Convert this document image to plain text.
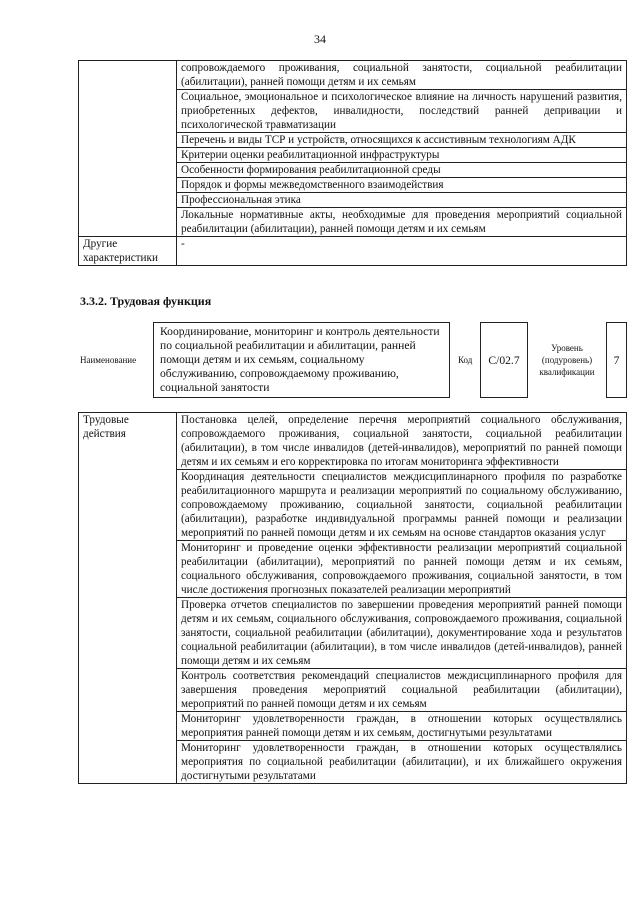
34
	сопровождаемого проживания, социальной занятости, социальной реабилитации (абилитации), ранней помощи детям и их семьям
	Социальное, эмоциональное и психологическое влияние на личность нарушений развития, приобретенных дефектов, инвалидности, последствий ранней депривации и психологической травматизации
	Перечень и виды ТСР и устройств, относящихся к ассистивным технологиям АДК
	Критерии оценки реабилитационной инфраструктуры
	Особенности формирования реабилитационной среды
	Порядок и формы межведомственного взаимодействия
	Профессиональная этика
	Локальные нормативные акты, необходимые для проведения мероприятий социальной реабилитации (абилитации), ранней помощи детям и их семьям
Другие характеристики	-
3.3.2. Трудовая функция
Наименование
Координирование, мониторинг и контроль деятельности по социальной реабилитации и абилитации, ранней помощи детям и их семьям, социальному обслуживанию, сопровождаемому проживанию, социальной занятости
Код	C/02.7
Уровень (подуровень) квалификации
7
Трудовые действия	Постановка целей, определение перечня мероприятий социального обслуживания, сопровождаемого проживания, социальной занятости, социальной реабилитации (абилитации), в том числе инвалидов (детей-инвалидов), мероприятий по ранней помощи детям и их семьям и его корректировка по итогам мониторинга эффективности
Координация деятельности специалистов междисциплинарного профиля по разработке реабилитационного маршрута и реализации мероприятий по социальному обслуживанию, сопровождаемому проживанию, социальной занятости, социальной реабилитации (абилитации), разработке индивидуальной программы ранней помощи и реализации мероприятий по ранней помощи детям и их семьям на основе стандартов оказания услуг
Мониторинг и проведение оценки эффективности реализации мероприятий социальной реабилитации (абилитации), мероприятий по ранней помощи детям и их семьям, социального обслуживания, сопровождаемого проживания, социальной занятости, в том числе достижения прогнозных показателей реализации мероприятий
Проверка отчетов специалистов по завершении проведения мероприятий ранней помощи детям и их семьям, социального обслуживания, сопровождаемого проживания, социальной занятости, социальной реабилитации (абилитации), документирование хода и результатов социальной реабилитации (абилитации), в том числе инвалидов (детей-инвалидов), ранней помощи детям и их семьям
Контроль соответствия рекомендаций специалистов междисциплинарного профиля для завершения проведения мероприятий социальной реабилитации (абилитации), мероприятий по ранней помощи детям и их семьям
Мониторинг удовлетворенности граждан, в отношении которых осуществлялись мероприятия ранней помощи детям и их семьям, достигнутыми результатами
Мониторинг удовлетворенности граждан, в отношении которых осуществлялись мероприятия по социальной реабилитации (абилитации), и их ближайшего окружения достигнутыми результатами
